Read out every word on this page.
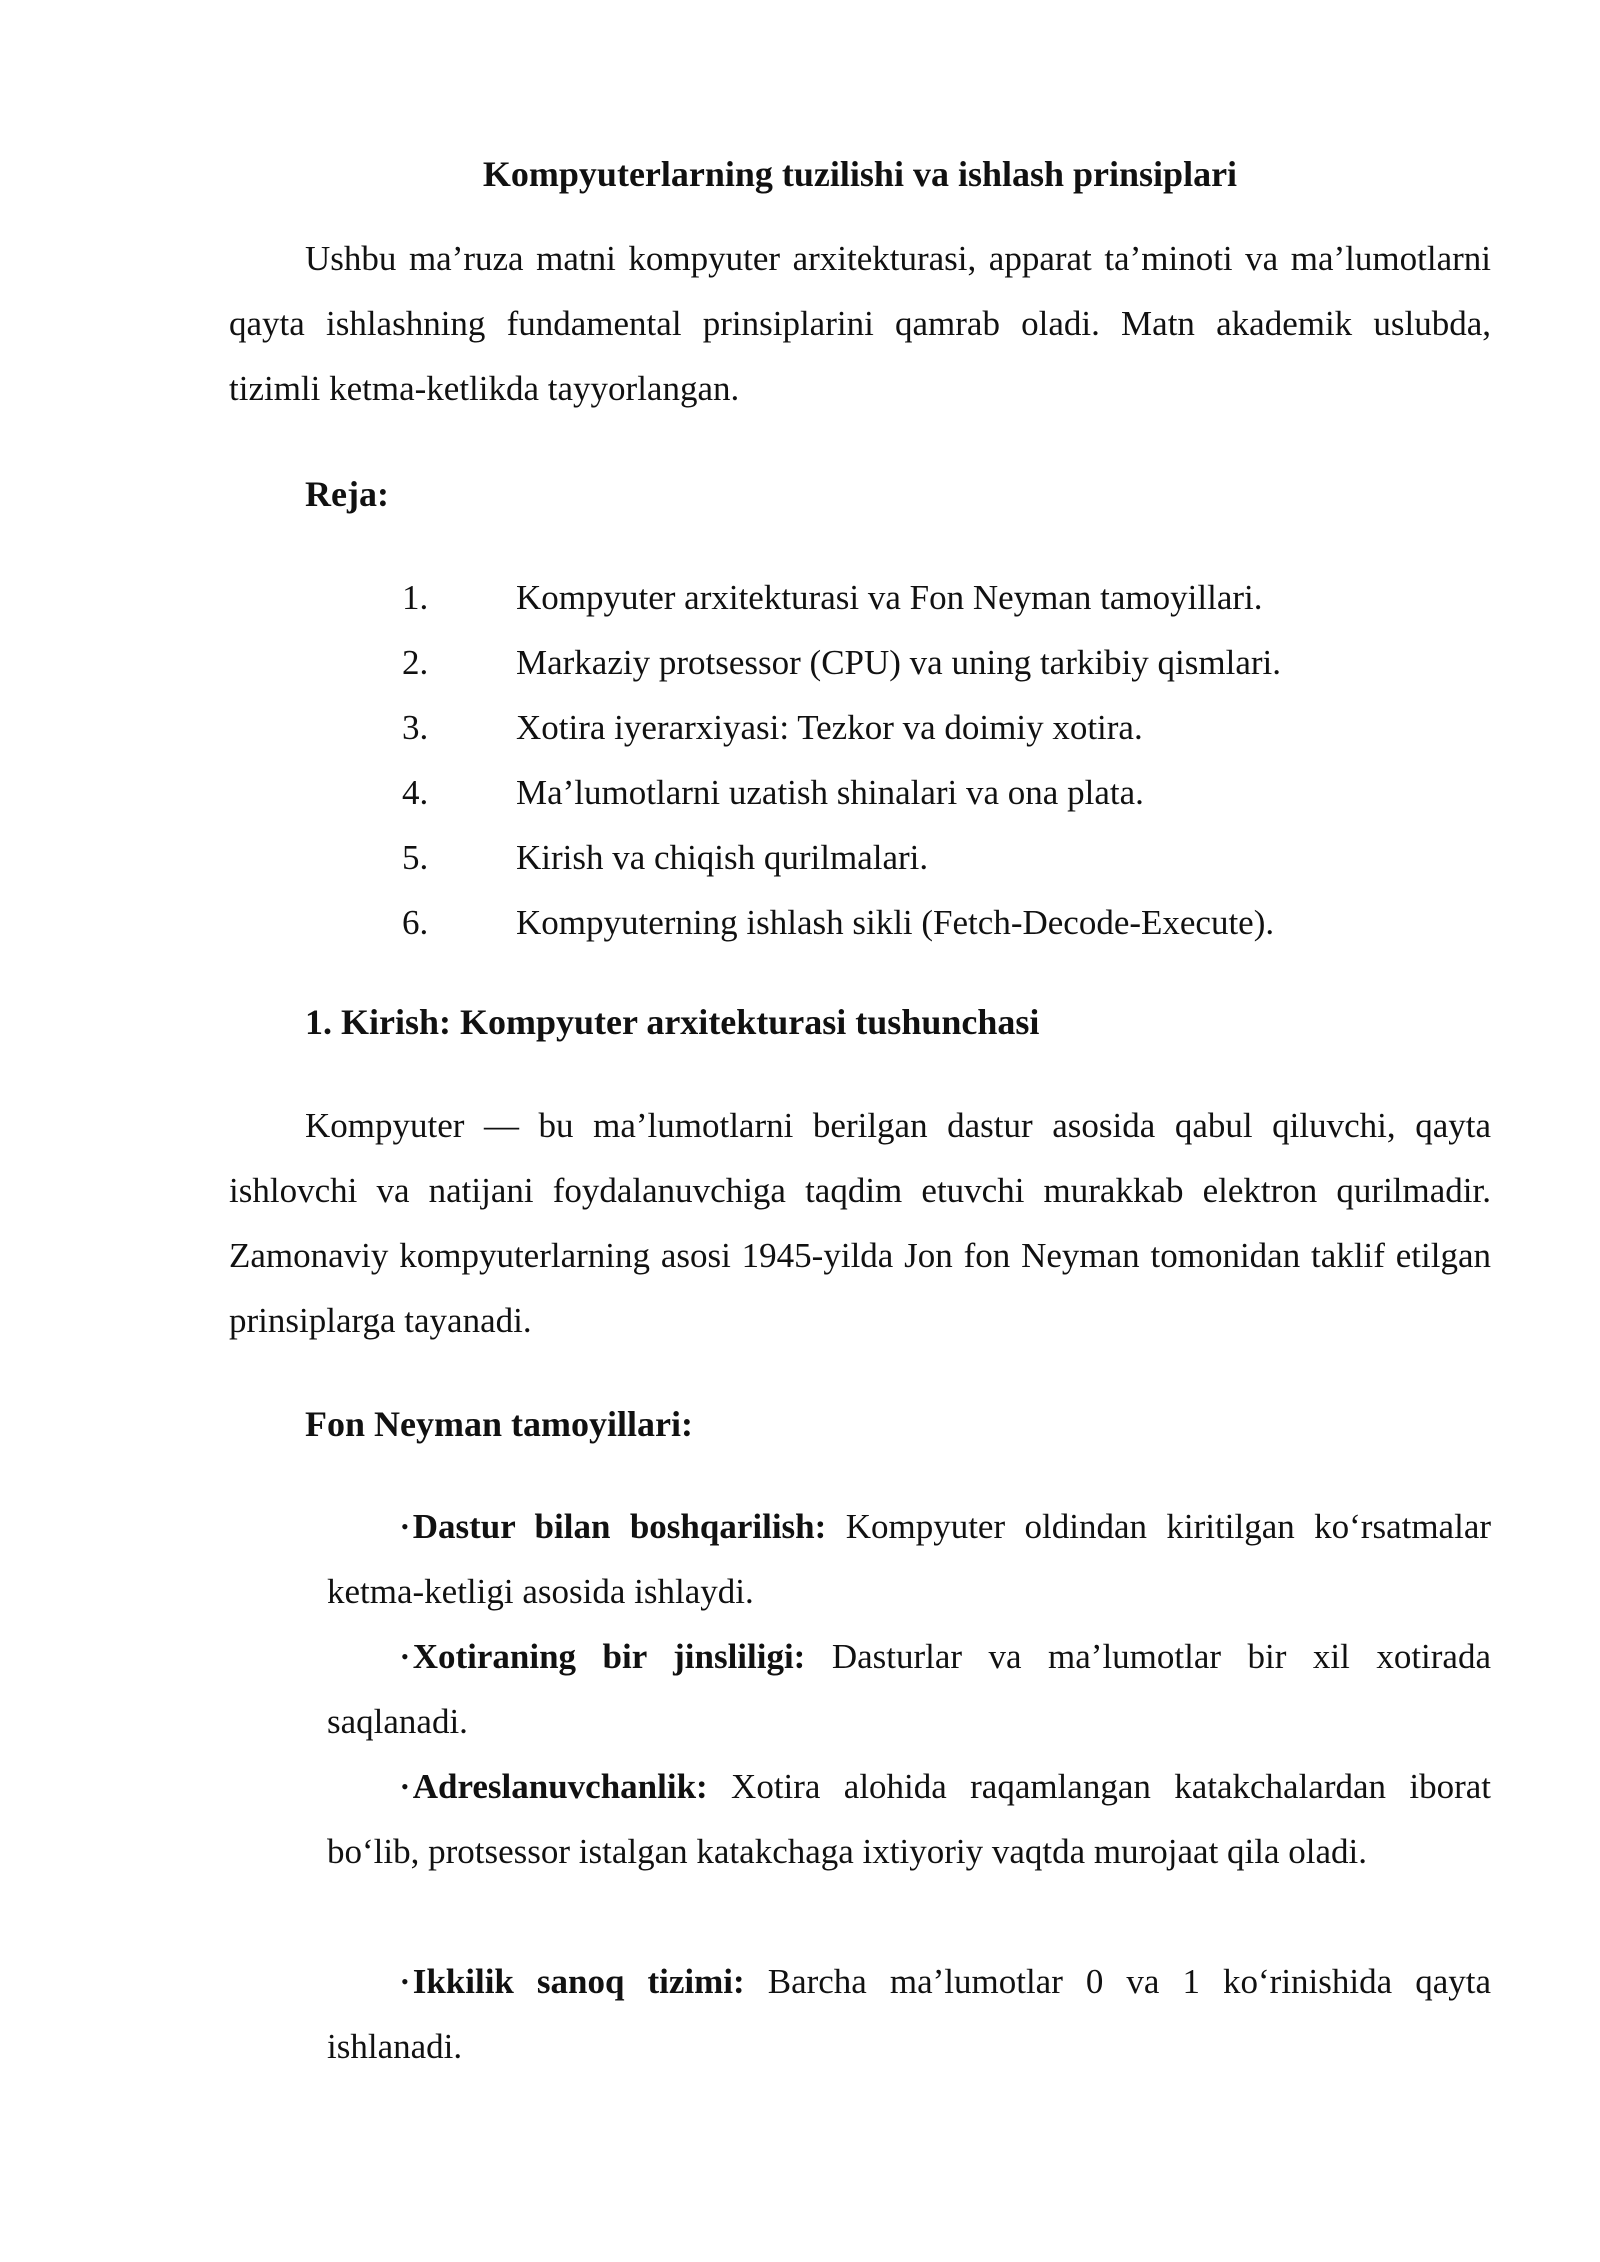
Kompyuterlarning tuzilishi va ishlash prinsiplari
Ushbu ma’ruza matni kompyuter arxitekturasi, apparat ta’minoti va ma’lumotlarni qayta ishlashning fundamental prinsiplarini qamrab oladi. Matn akademik uslubda, tizimli ketma-ketlikda tayyorlangan.
Reja:
1.	Kompyuter arxitekturasi va Fon Neyman tamoyillari.
2.	Markaziy protsessor (CPU) va uning tarkibiy qismlari.
3.	Xotira iyerarxiyasi: Tezkor va doimiy xotira.
4.	Ma’lumotlarni uzatish shinalari va ona plata.
5.	Kirish va chiqish qurilmalari.
6.	Kompyuterning ishlash sikli (Fetch-Decode-Execute).
1. Kirish: Kompyuter arxitekturasi tushunchasi
Kompyuter — bu ma’lumotlarni berilgan dastur asosida qabul qiluvchi, qayta ishlovchi va natijani foydalanuvchiga taqdim etuvchi murakkab elektron qurilmadir. Zamonaviy kompyuterlarning asosi 1945-yilda Jon fon Neyman tomonidan taklif etilgan prinsiplarga tayanadi.
Fon Neyman tamoyillari:
• Dastur bilan boshqarilish: Kompyuter oldindan kiritilgan ko‘rsatmalar ketma-ketligi asosida ishlaydi.
• Xotiraning bir jinsliligi: Dasturlar va ma’lumotlar bir xil xotirada saqlanadi.
• Adreslanuvchanlik: Xotira alohida raqamlangan katakchalardan iborat bo‘lib, protsessor istalgan katakchaga ixtiyoriy vaqtda murojaat qila oladi.
• Ikkilik sanoq tizimi: Barcha ma’lumotlar 0 va 1 ko‘rinishida qayta ishlanadi.
